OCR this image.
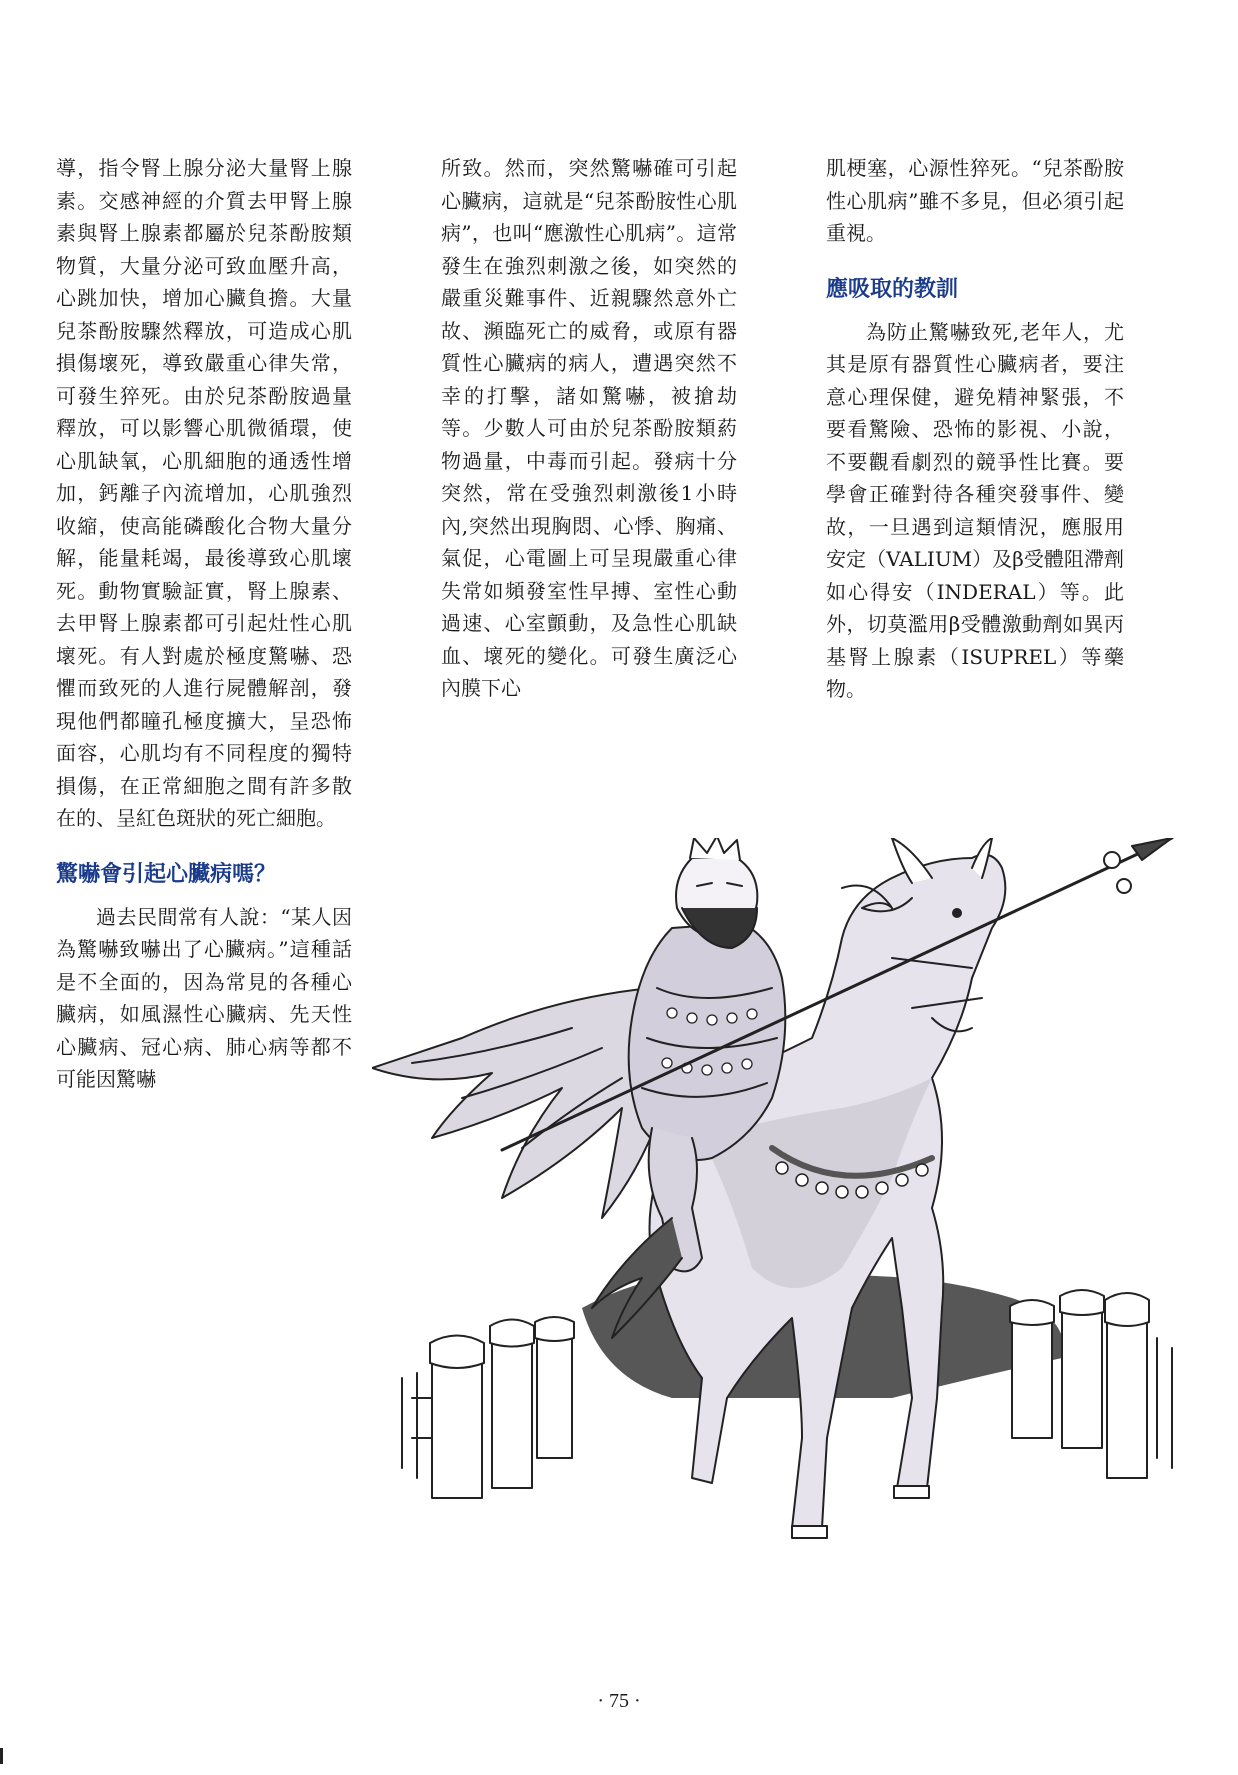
導，指令腎上腺分泌大量腎上腺素。交感神經的介質去甲腎上腺素與腎上腺素都屬於兒茶酚胺類物質，大量分泌可致血壓升高，心跳加快，增加心臟負擔。大量兒茶酚胺驟然釋放，可造成心肌損傷壞死，導致嚴重心律失常，可發生猝死。由於兒茶酚胺過量釋放，可以影響心肌微循環，使心肌缺氧，心肌細胞的通透性增加，鈣離子內流增加，心肌強烈收縮，使高能磷酸化合物大量分解，能量耗竭，最後導致心肌壞死。動物實驗証實，腎上腺素、去甲腎上腺素都可引起灶性心肌壞死。有人對處於極度驚嚇、恐懼而致死的人進行屍體解剖，發現他們都瞳孔極度擴大，呈恐怖面容，心肌均有不同程度的獨特損傷，在正常細胞之間有許多散在的、呈紅色斑狀的死亡細胞。

驚嚇會引起心臟病嗎？

過去民間常有人說：“某人因為驚嚇致嚇出了心臟病。”這種話是不全面的，因為常見的各種心臟病，如風濕性心臟病、先天性心臟病、冠心病、肺心病等都不可能因驚嚇

所致。然而，突然驚嚇確可引起心臟病，這就是“兒茶酚胺性心肌病”，也叫“應激性心肌病”。這常發生在強烈刺激之後，如突然的嚴重災難事件、近親驟然意外亡故、瀕臨死亡的威脅，或原有器質性心臟病的病人，遭遇突然不幸的打擊，諸如驚嚇，被搶劫等。少數人可由於兒茶酚胺類葯物過量，中毒而引起。發病十分突然，常在受強烈刺激後1小時內,突然出現胸悶、心悸、胸痛、氣促，心電圖上可呈現嚴重心律失常如頻發室性早搏、室性心動過速、心室顫動，及急性心肌缺血、壞死的變化。可發生廣泛心內膜下心

肌梗塞，心源性猝死。“兒茶酚胺性心肌病”雖不多見，但必須引起重視。

應吸取的教訓

為防止驚嚇致死,老年人，尤其是原有器質性心臟病者，要注意心理保健，避免精神緊張，不要看驚險、恐怖的影視、小說，不要觀看劇烈的競爭性比賽。要學會正確對待各種突發事件、變故，一旦遇到這類情況，應服用安定（VALIUM）及β受體阻滯劑如心得安（INDERAL）等。此外，切莫濫用β受體激動劑如異丙基腎上腺素（ISUPREL）等藥物。

· 75 ·
